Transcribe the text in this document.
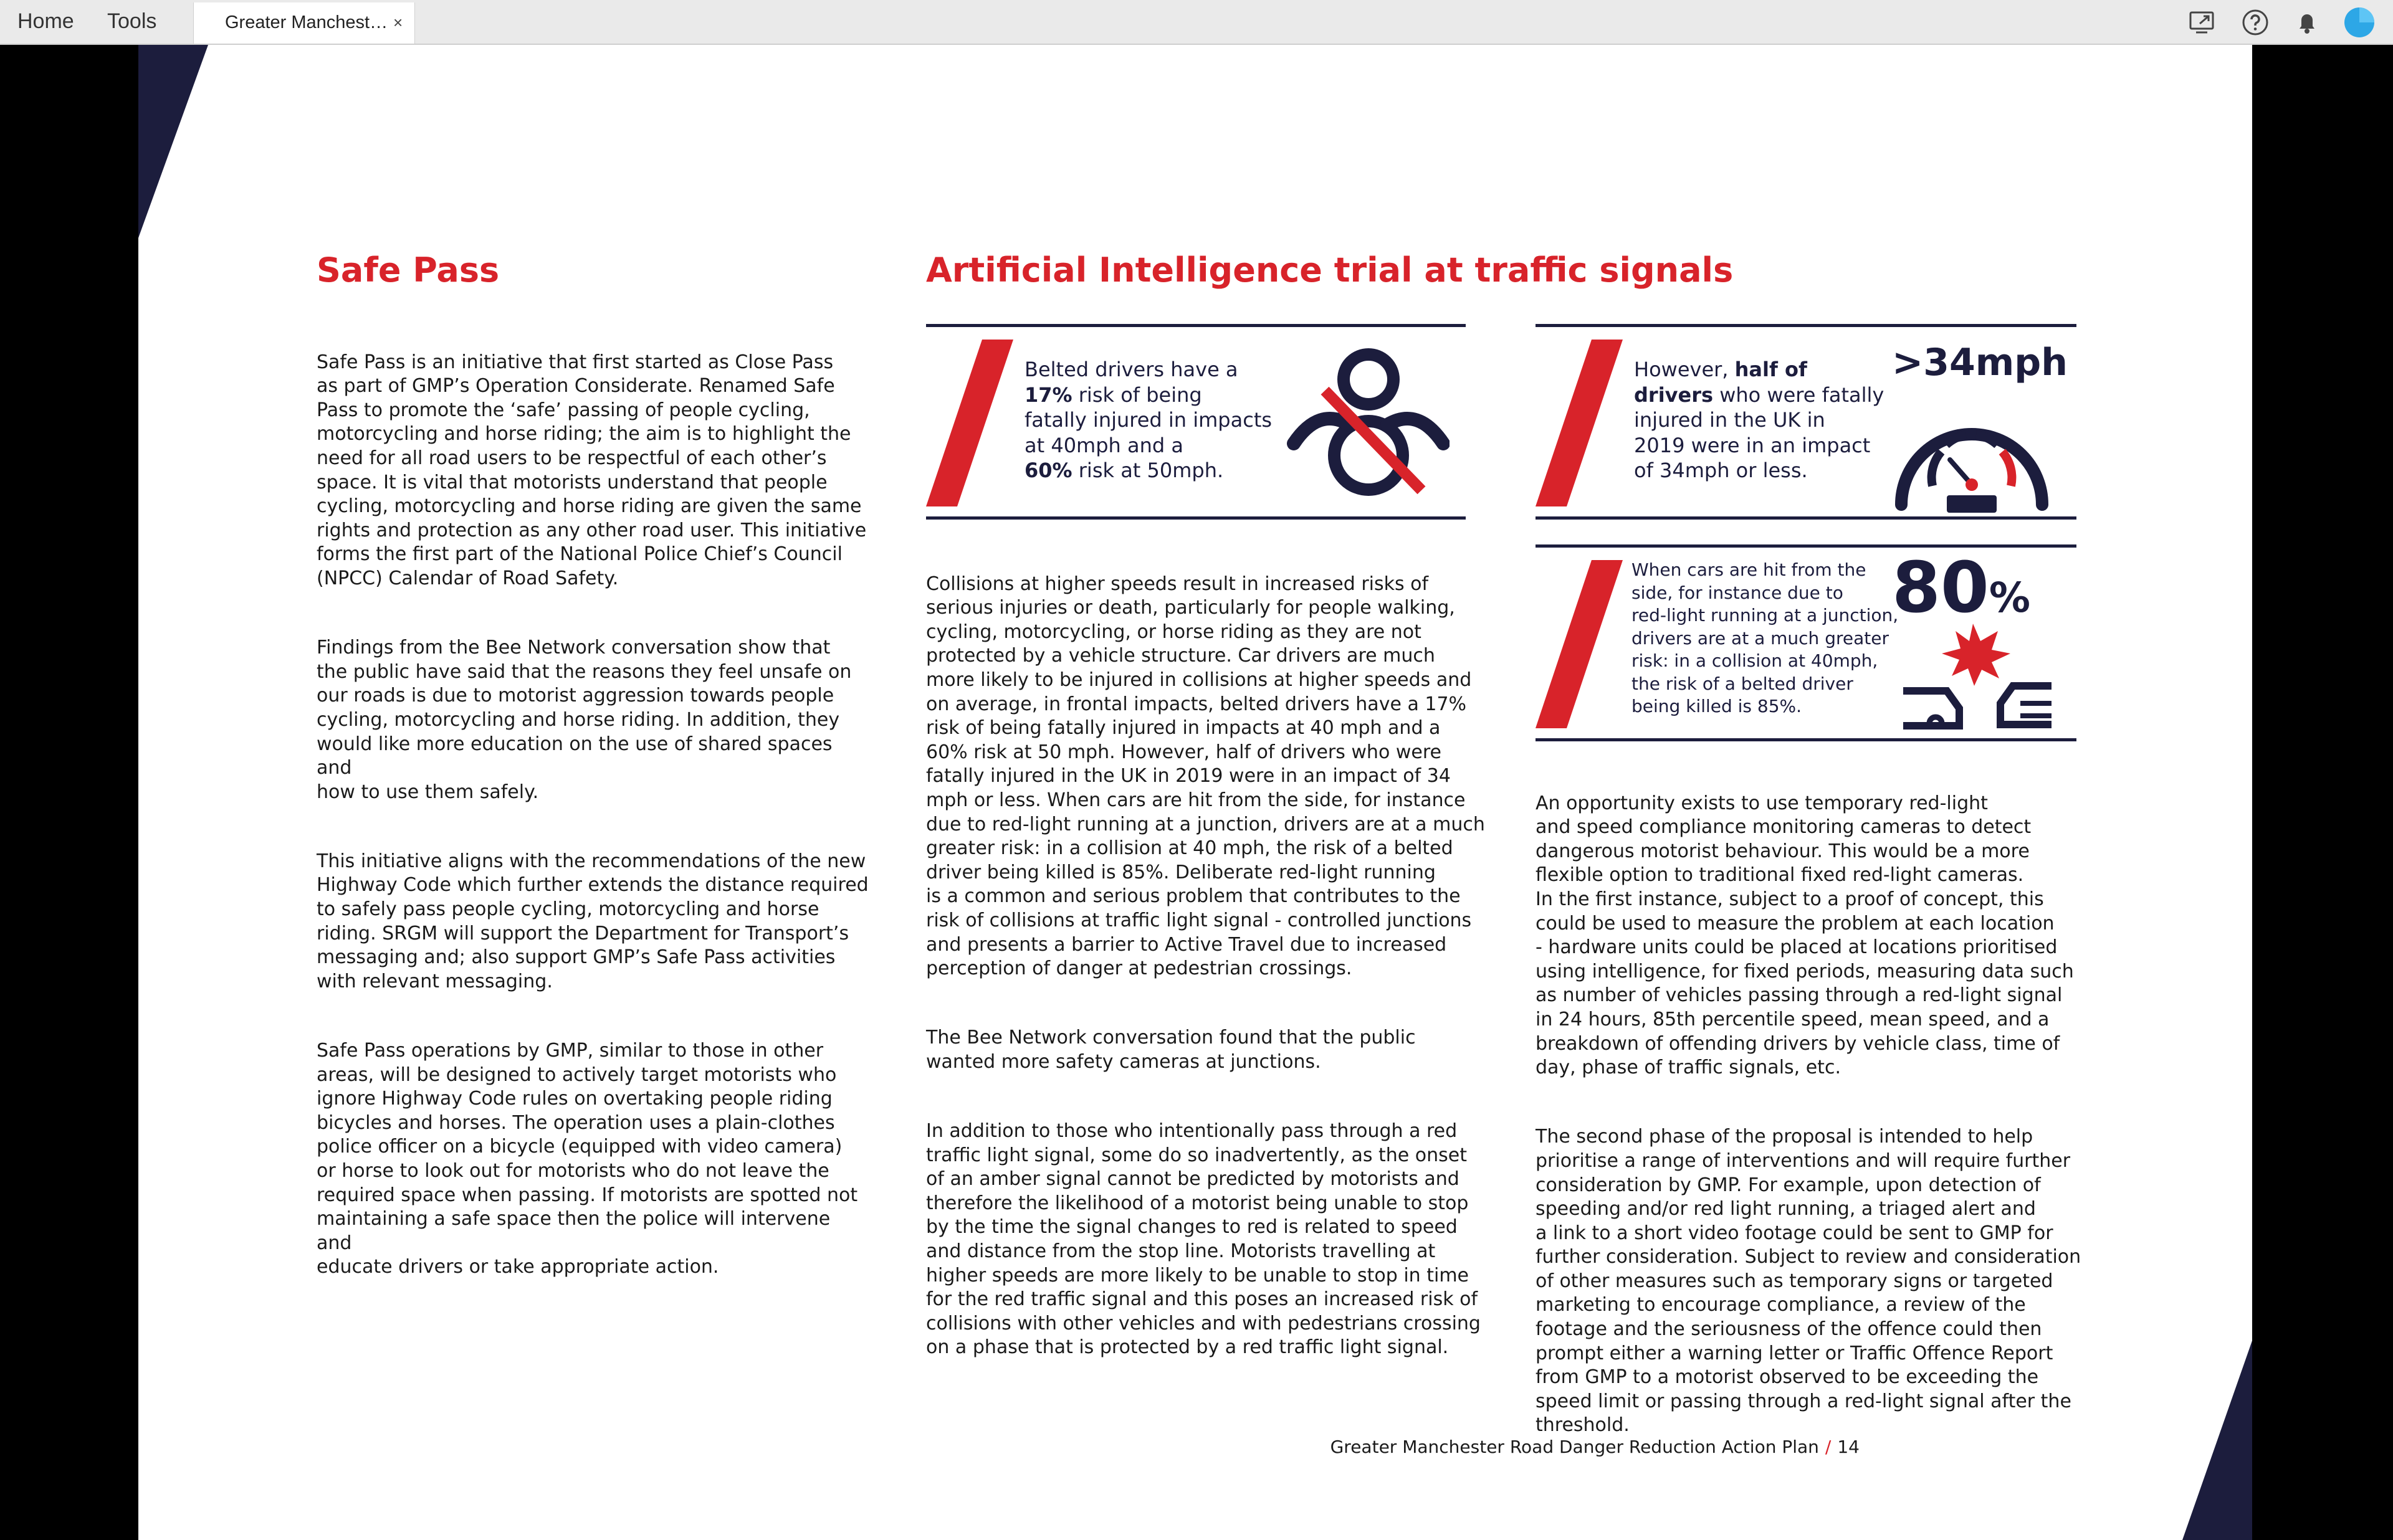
Home Tools	Greater Manchest… ×
Safe Pass

Safe Pass is an initiative that first started as Close Pass
as part of GMP’s Operation Considerate. Renamed Safe
Pass to promote the ‘safe’ passing of people cycling,
motorcycling and horse riding; the aim is to highlight the
need for all road users to be respectful of each other’s
space. It is vital that motorists understand that people
cycling, motorcycling and horse riding are given the same
rights and protection as any other road user. This initiative
forms the first part of the National Police Chief’s Council
(NPCC) Calendar of Road Safety.

Findings from the Bee Network conversation show that
the public have said that the reasons they feel unsafe on
our roads is due to motorist aggression towards people
cycling, motorcycling and horse riding. In addition, they
would like more education on the use of shared spaces and
how to use them safely.

This initiative aligns with the recommendations of the new
Highway Code which further extends the distance required
to safely pass people cycling, motorcycling and horse
riding. SRGM will support the Department for Transport’s
messaging and; also support GMP’s Safe Pass activities
with relevant messaging.

Safe Pass operations by GMP, similar to those in other
areas, will be designed to actively target motorists who
ignore Highway Code rules on overtaking people riding
bicycles and horses. The operation uses a plain-clothes
police officer on a bicycle (equipped with video camera)
or horse to look out for motorists who do not leave the
required space when passing. If motorists are spotted not
maintaining a safe space then the police will intervene and
educate drivers or take appropriate action.

Artificial Intelligence trial at traffic signals
Belted drivers have a
17% risk of being
fatally injured in impacts
at 40mph and a
60% risk at 50mph.

Collisions at higher speeds result in increased risks of
serious injuries or death, particularly for people walking,
cycling, motorcycling, or horse riding as they are not
protected by a vehicle structure. Car drivers are much
more likely to be injured in collisions at higher speeds and
on average, in frontal impacts, belted drivers have a 17%
risk of being fatally injured in impacts at 40 mph and a
60% risk at 50 mph. However, half of drivers who were
fatally injured in the UK in 2019 were in an impact of 34
mph or less. When cars are hit from the side, for instance
due to red-light running at a junction, drivers are at a much
greater risk: in a collision at 40 mph, the risk of a belted
driver being killed is 85%. Deliberate red-light running
is a common and serious problem that contributes to the
risk of collisions at traffic light signal - controlled junctions
and presents a barrier to Active Travel due to increased
perception of danger at pedestrian crossings.

The Bee Network conversation found that the public
wanted more safety cameras at junctions.

In addition to those who intentionally pass through a red
traffic light signal, some do so inadvertently, as the onset
of an amber signal cannot be predicted by motorists and
therefore the likelihood of a motorist being unable to stop
by the time the signal changes to red is related to speed
and distance from the stop line. Motorists travelling at
higher speeds are more likely to be unable to stop in time
for the red traffic signal and this poses an increased risk of
collisions with other vehicles and with pedestrians crossing
on a phase that is protected by a red traffic light signal.

However, half of
drivers who were fatally
injured in the UK in
2019 were in an impact
of 34mph or less.
>34mph
When cars are hit from the
side, for instance due to
red-light running at a junction,
drivers are at a much greater
risk: in a collision at 40mph,
the risk of a belted driver
being killed is 85%.
80%

An opportunity exists to use temporary red-light
and speed compliance monitoring cameras to detect
dangerous motorist behaviour. This would be a more
flexible option to traditional fixed red-light cameras.
In the first instance, subject to a proof of concept, this
could be used to measure the problem at each location
- hardware units could be placed at locations prioritised
using intelligence, for fixed periods, measuring data such
as number of vehicles passing through a red-light signal
in 24 hours, 85th percentile speed, mean speed, and a
breakdown of offending drivers by vehicle class, time of
day, phase of traffic signals, etc.

The second phase of the proposal is intended to help
prioritise a range of interventions and will require further
consideration by GMP. For example, upon detection of
speeding and/or red light running, a triaged alert and
a link to a short video footage could be sent to GMP for
further consideration. Subject to review and consideration
of other measures such as temporary signs or targeted
marketing to encourage compliance, a review of the
footage and the seriousness of the offence could then
prompt either a warning letter or Traffic Offence Report
from GMP to a motorist observed to be exceeding the
speed limit or passing through a red-light signal after the
threshold.

Greater Manchester Road Danger Reduction Action Plan / 14
